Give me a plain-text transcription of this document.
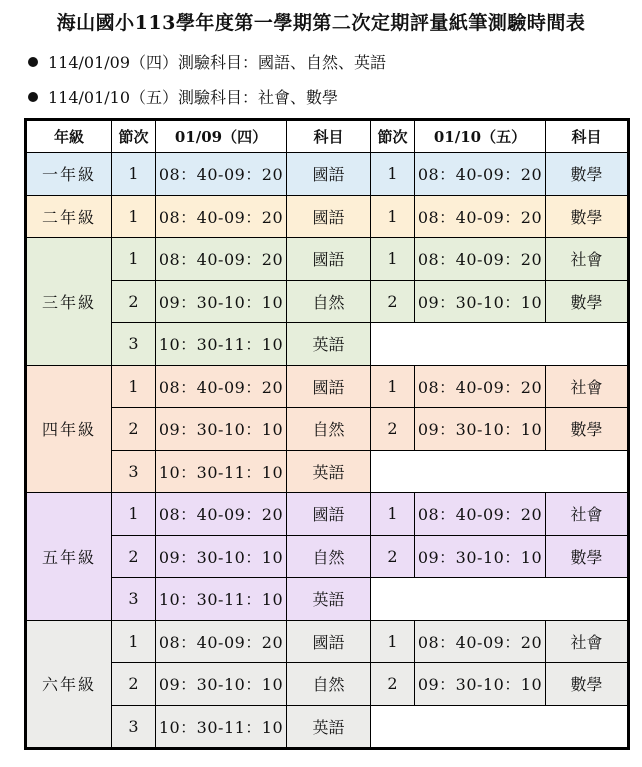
海山國小113學年度第一學期第二次定期評量紙筆測驗時間表
114/01/09（四）測驗科目：國語、自然、英語
114/01/10（五）測驗科目：社會、數學
年級	節次	01/09（四）	科目	節次	01/10（五）	科目
一年級	1	08：40-09：20	國語	1	08：40-09：20	數學
二年級	1	08：40-09：20	國語	1	08：40-09：20	數學
三年級	1	08：40-09：20	國語	1	08：40-09：20	社會
	2	09：30-10：10	自然	2	09：30-10：10	數學
	3	10：30-11：10	英語			
四年級	1	08：40-09：20	國語	1	08：40-09：20	社會
	2	09：30-10：10	自然	2	09：30-10：10	數學
	3	10：30-11：10	英語			
五年級	1	08：40-09：20	國語	1	08：40-09：20	社會
	2	09：30-10：10	自然	2	09：30-10：10	數學
	3	10：30-11：10	英語			
六年級	1	08：40-09：20	國語	1	08：40-09：20	社會
	2	09：30-10：10	自然	2	09：30-10：10	數學
	3	10：30-11：10	英語			
